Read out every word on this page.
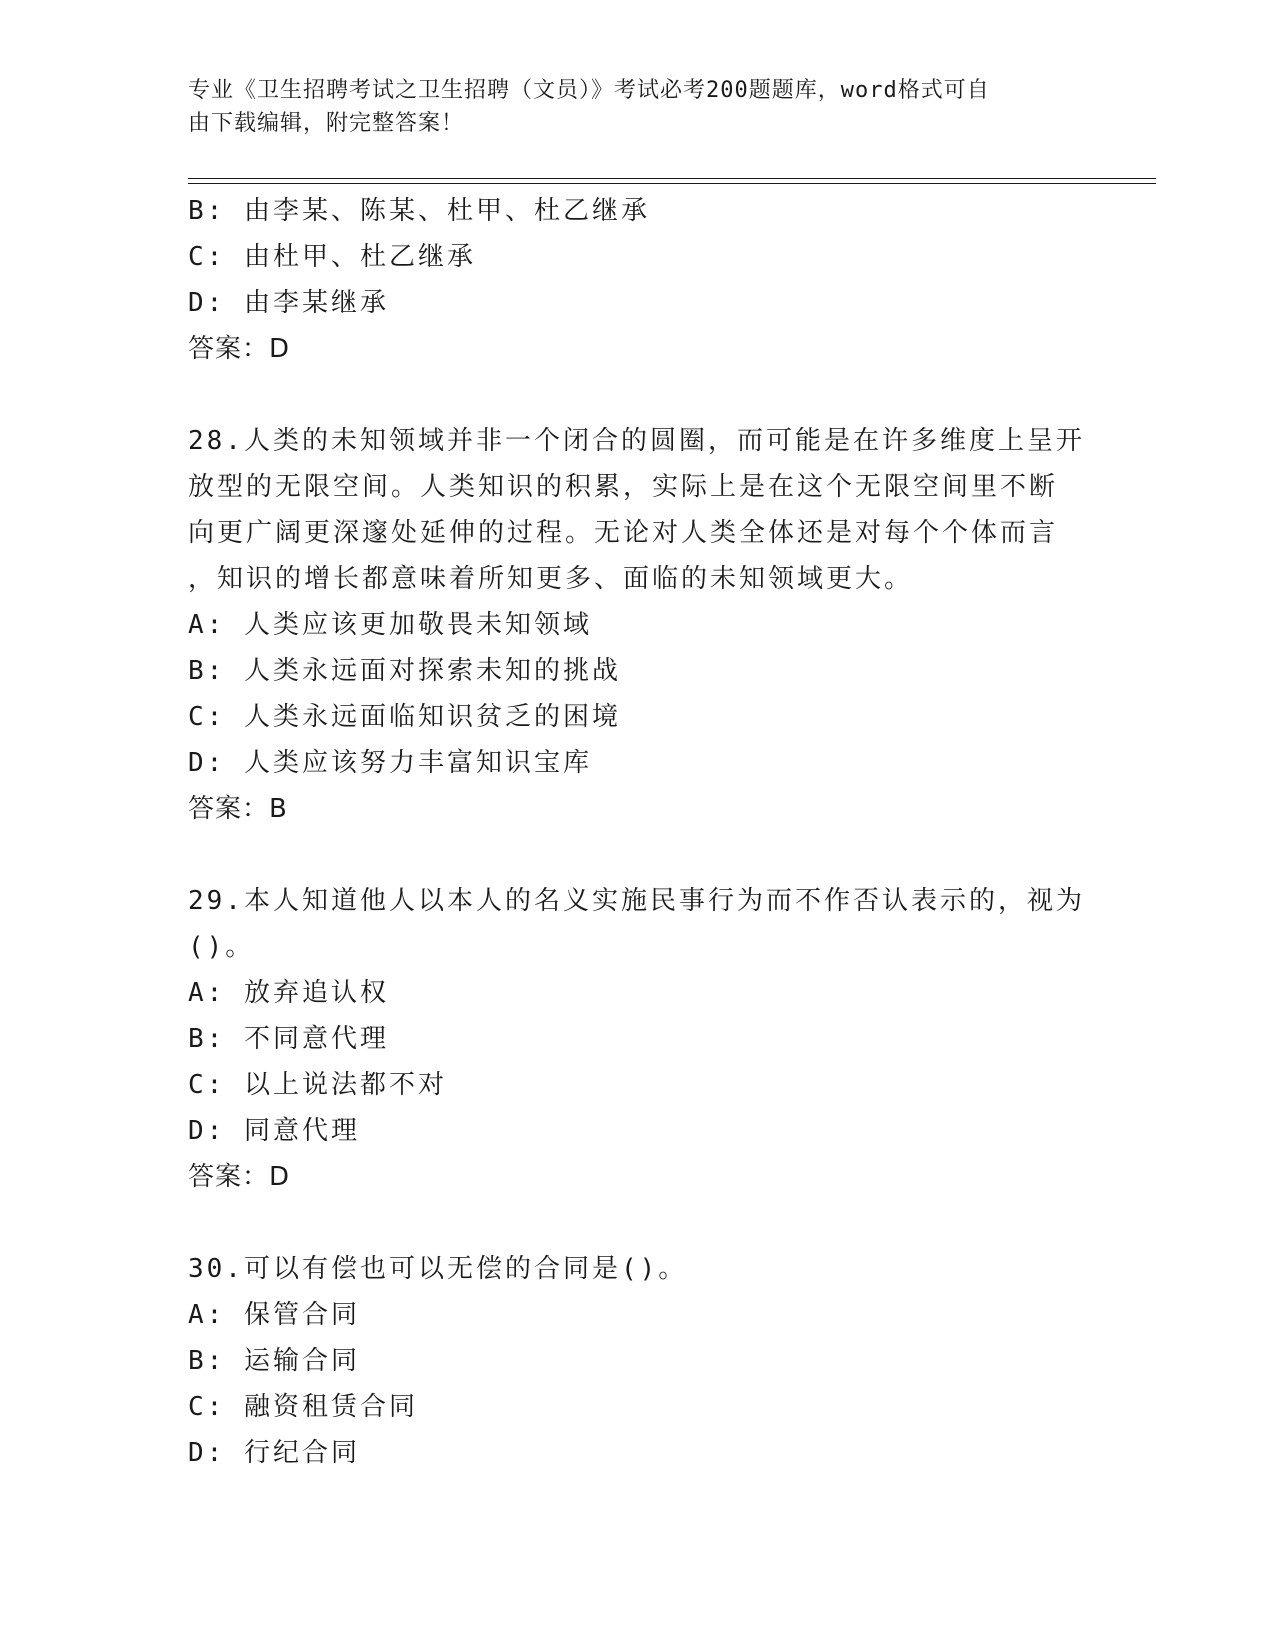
专业《卫生招聘考试之卫生招聘（文员）》考试必考200题题库，word格式可自
由下载编辑，附完整答案！
B: 由李某、陈某、杜甲、杜乙继承
C: 由杜甲、杜乙继承
D: 由李某继承
答案：D
28.人类的未知领域并非一个闭合的圆圈，而可能是在许多维度上呈开
放型的无限空间。人类知识的积累，实际上是在这个无限空间里不断
向更广阔更深邃处延伸的过程。无论对人类全体还是对每个个体而言
，知识的增长都意味着所知更多、面临的未知领域更大。
A: 人类应该更加敬畏未知领域
B: 人类永远面对探索未知的挑战
C: 人类永远面临知识贫乏的困境
D: 人类应该努力丰富知识宝库
答案：B
29.本人知道他人以本人的名义实施民事行为而不作否认表示的，视为
()。
A: 放弃追认权
B: 不同意代理
C: 以上说法都不对
D: 同意代理
答案：D
30.可以有偿也可以无偿的合同是()。
A: 保管合同
B: 运输合同
C: 融资租赁合同
D: 行纪合同
